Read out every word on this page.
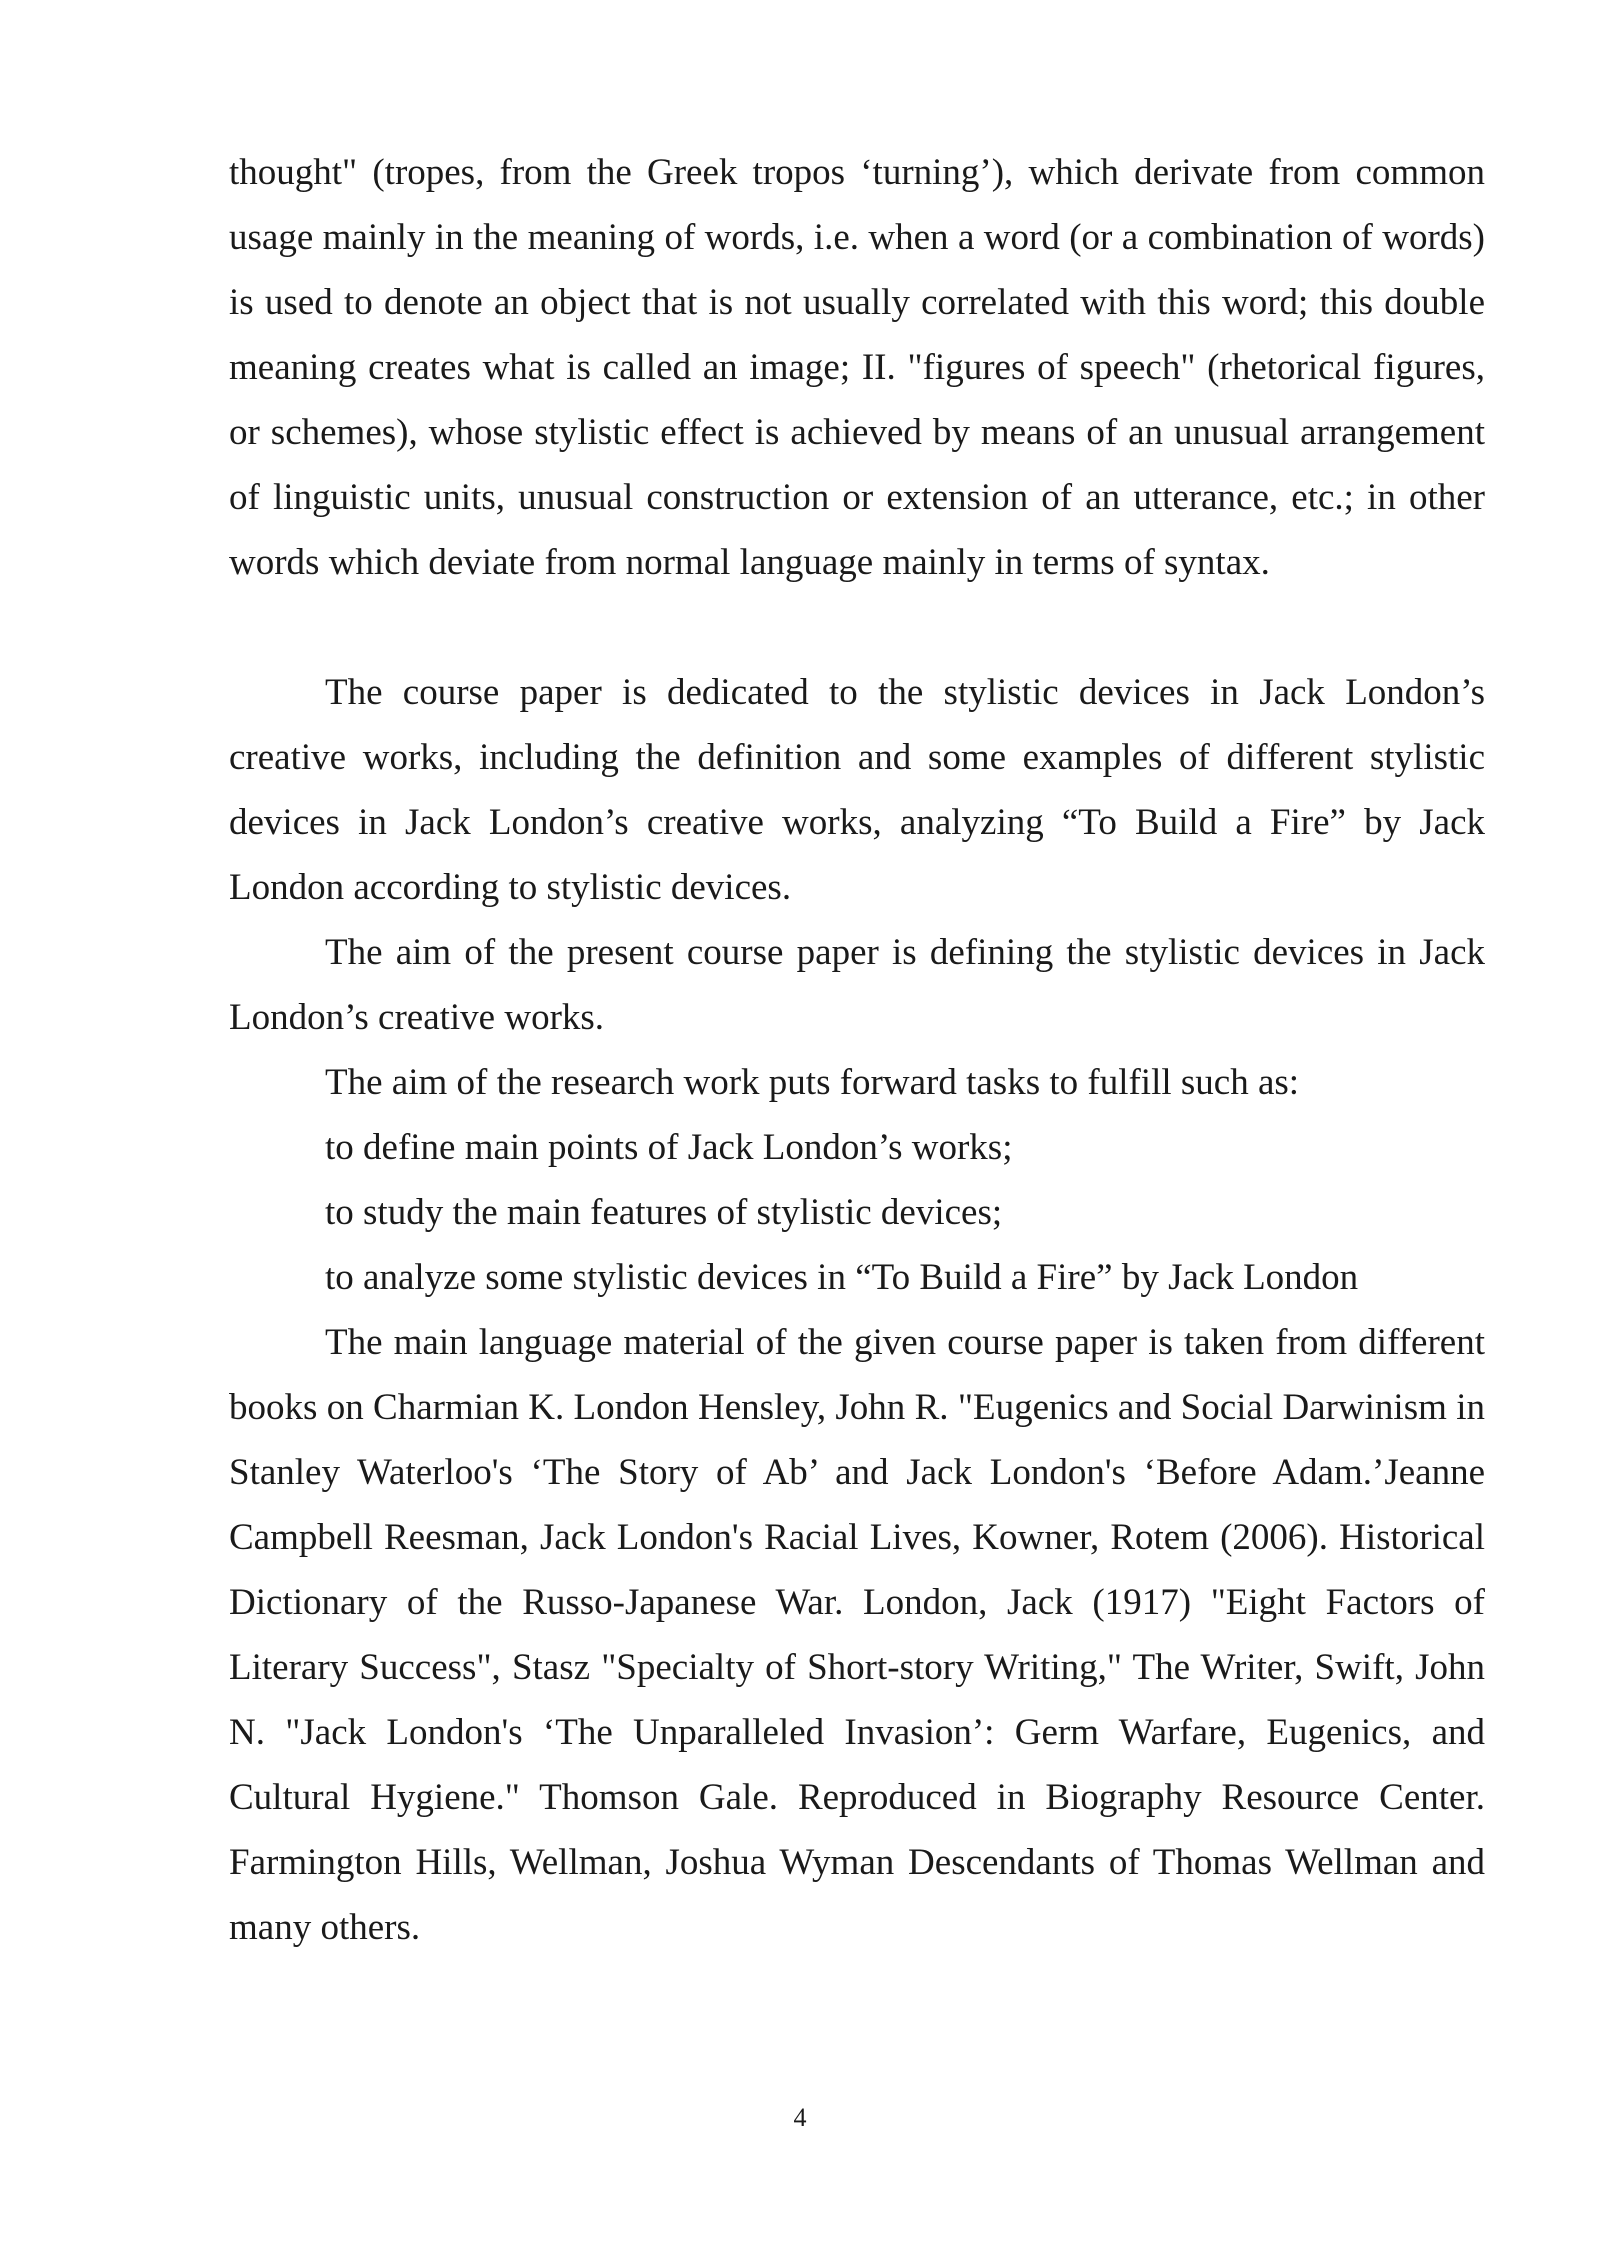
thought" (tropes, from the Greek tropos ‘turning’), which derivate from common usage mainly in the meaning of words, i.e. when a word (or a combination of words) is used to denote an object that is not usually correlated with this word; this double meaning creates what is called an image; II. "figures of speech" (rhetorical figures, or schemes), whose stylistic effect is achieved by means of an unusual arrangement of linguistic units, unusual construction or extension of an utterance, etc.; in other words which deviate from normal language mainly in terms of syntax.

The course paper is dedicated to the stylistic devices in Jack London’s creative works, including the definition and some examples of different stylistic devices in Jack London’s creative works, analyzing “To Build a Fire” by Jack London according to stylistic devices.

The aim of the present course paper is defining the stylistic devices in Jack London’s creative works.

The aim of the research work puts forward tasks to fulfill such as:

to define main points of Jack London’s works;

to study the main features of stylistic devices;

to analyze some stylistic devices in “To Build a Fire” by Jack London

The main language material of the given course paper is taken from different books on Charmian K. London Hensley, John R. "Eugenics and Social Darwinism in Stanley Waterloo's ‘The Story of Ab’ and Jack London's ‘Before Adam.’Jeanne Campbell Reesman, Jack London's Racial Lives, Kowner, Rotem (2006). Historical Dictionary of the Russo-Japanese War. London, Jack (1917) "Eight Factors of Literary Success", Stasz "Specialty of Short-story Writing," The Writer, Swift, John N. "Jack London's ‘The Unparalleled Invasion’: Germ Warfare, Eugenics, and Cultural Hygiene." Thomson Gale. Reproduced in Biography Resource Center. Farmington Hills, Wellman, Joshua Wyman Descendants of Thomas Wellman and many others.

4
